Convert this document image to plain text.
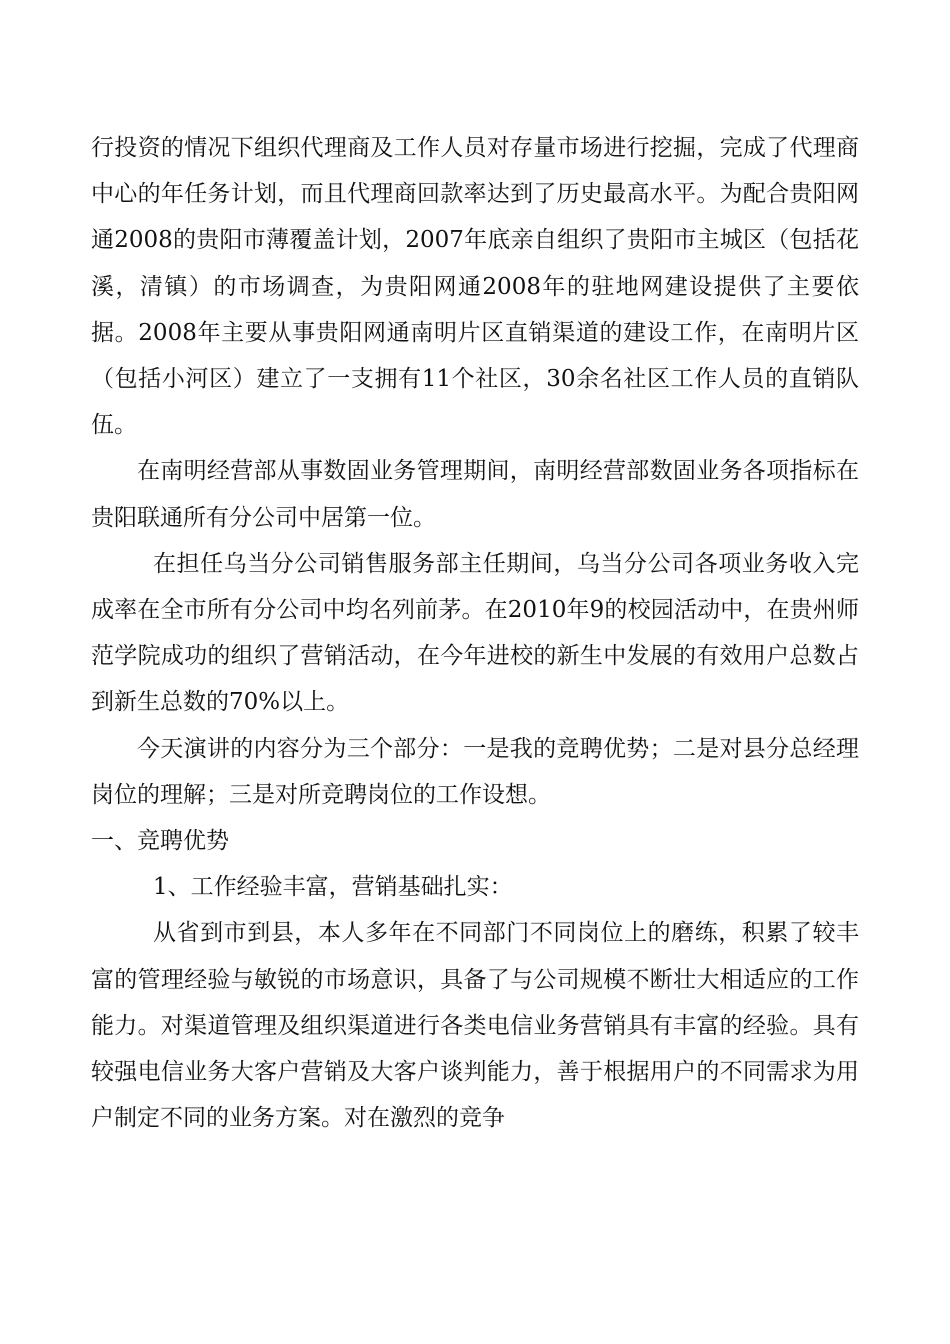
行投资的情况下组织代理商及工作人员对存量市场进行挖掘，完成了代理商中心的年任务计划，而且代理商回款率达到了历史最高水平。为配合贵阳网通2008的贵阳市薄覆盖计划，2007年底亲自组织了贵阳市主城区（包括花溪，清镇）的市场调查，为贵阳网通2008年的驻地网建设提供了主要依据。2008年主要从事贵阳网通南明片区直销渠道的建设工作，在南明片区（包括小河区）建立了一支拥有11个社区，30余名社区工作人员的直销队伍。

在南明经营部从事数固业务管理期间，南明经营部数固业务各项指标在贵阳联通所有分公司中居第一位。

在担任乌当分公司销售服务部主任期间，乌当分公司各项业务收入完成率在全市所有分公司中均名列前茅。在2010年9的校园活动中，在贵州师范学院成功的组织了营销活动，在今年进校的新生中发展的有效用户总数占到新生总数的70%以上。

今天演讲的内容分为三个部分：一是我的竞聘优势；二是对县分总经理岗位的理解；三是对所竞聘岗位的工作设想。

一、竞聘优势

1、工作经验丰富，营销基础扎实：

从省到市到县，本人多年在不同部门不同岗位上的磨练，积累了较丰富的管理经验与敏锐的市场意识，具备了与公司规模不断壮大相适应的工作能力。对渠道管理及组织渠道进行各类电信业务营销具有丰富的经验。具有较强电信业务大客户营销及大客户谈判能力，善于根据用户的不同需求为用户制定不同的业务方案。对在激烈的竞争
